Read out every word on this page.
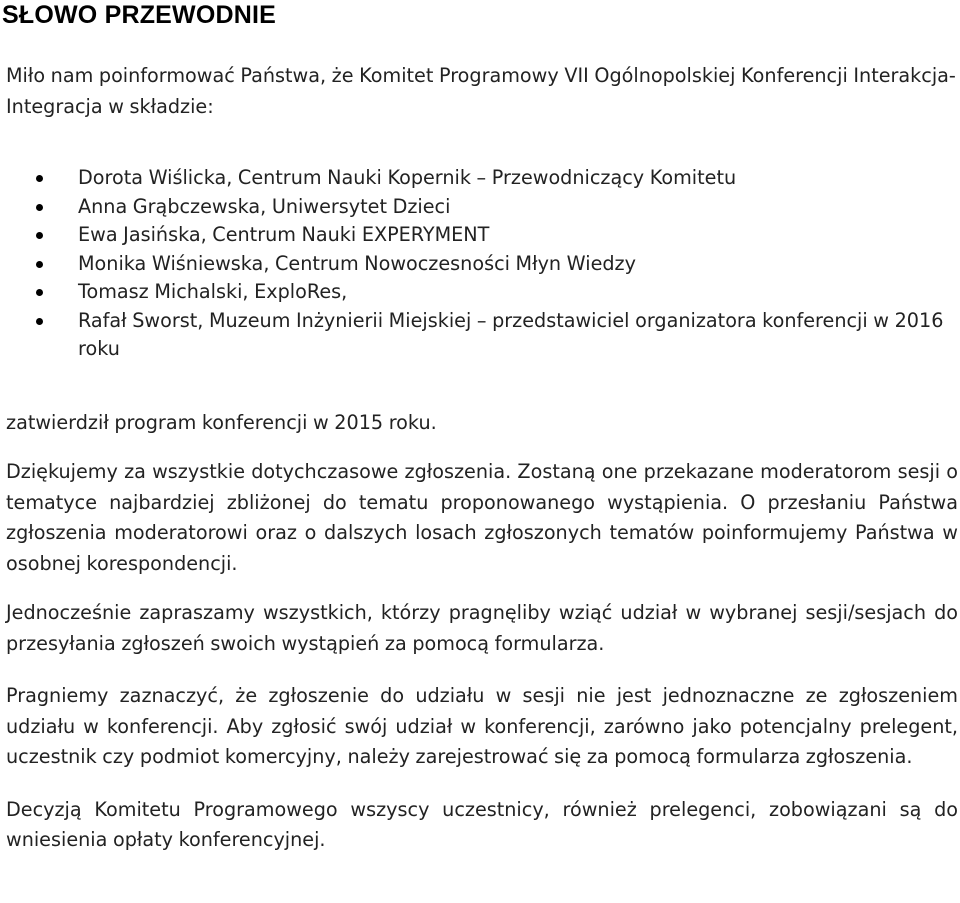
SŁOWO PRZEWODNIE

Miło nam poinformować Państwa, że Komitet Programowy VII Ogólnopolskiej Konferencji Interakcja-Integracja w składzie:

Dorota Wiślicka, Centrum Nauki Kopernik – Przewodniczący Komitetu
Anna Grąbczewska, Uniwersytet Dzieci
Ewa Jasińska, Centrum Nauki EXPERYMENT
Monika Wiśniewska, Centrum Nowoczesności Młyn Wiedzy
Tomasz Michalski, ExploRes,
Rafał Sworst, Muzeum Inżynierii Miejskiej – przedstawiciel organizatora konferencji w 2016 roku

zatwierdził program konferencji w 2015 roku.

Dziękujemy za wszystkie dotychczasowe zgłoszenia. Zostaną one przekazane moderatorom sesji o tematyce najbardziej zbliżonej do tematu proponowanego wystąpienia. O przesłaniu Państwa zgłoszenia moderatorowi oraz o dalszych losach zgłoszonych tematów poinformujemy Państwa w osobnej korespondencji.

Jednocześnie zapraszamy wszystkich, którzy pragnęliby wziąć udział w wybranej sesji/sesjach do przesyłania zgłoszeń swoich wystąpień za pomocą formularza.

Pragniemy zaznaczyć, że zgłoszenie do udziału w sesji nie jest jednoznaczne ze zgłoszeniem udziału w konferencji. Aby zgłosić swój udział w konferencji, zarówno jako potencjalny prelegent, uczestnik czy podmiot komercyjny, należy zarejestrować się za pomocą formularza zgłoszenia.

Decyzją Komitetu Programowego wszyscy uczestnicy, również prelegenci, zobowiązani są do wniesienia opłaty konferencyjnej.
